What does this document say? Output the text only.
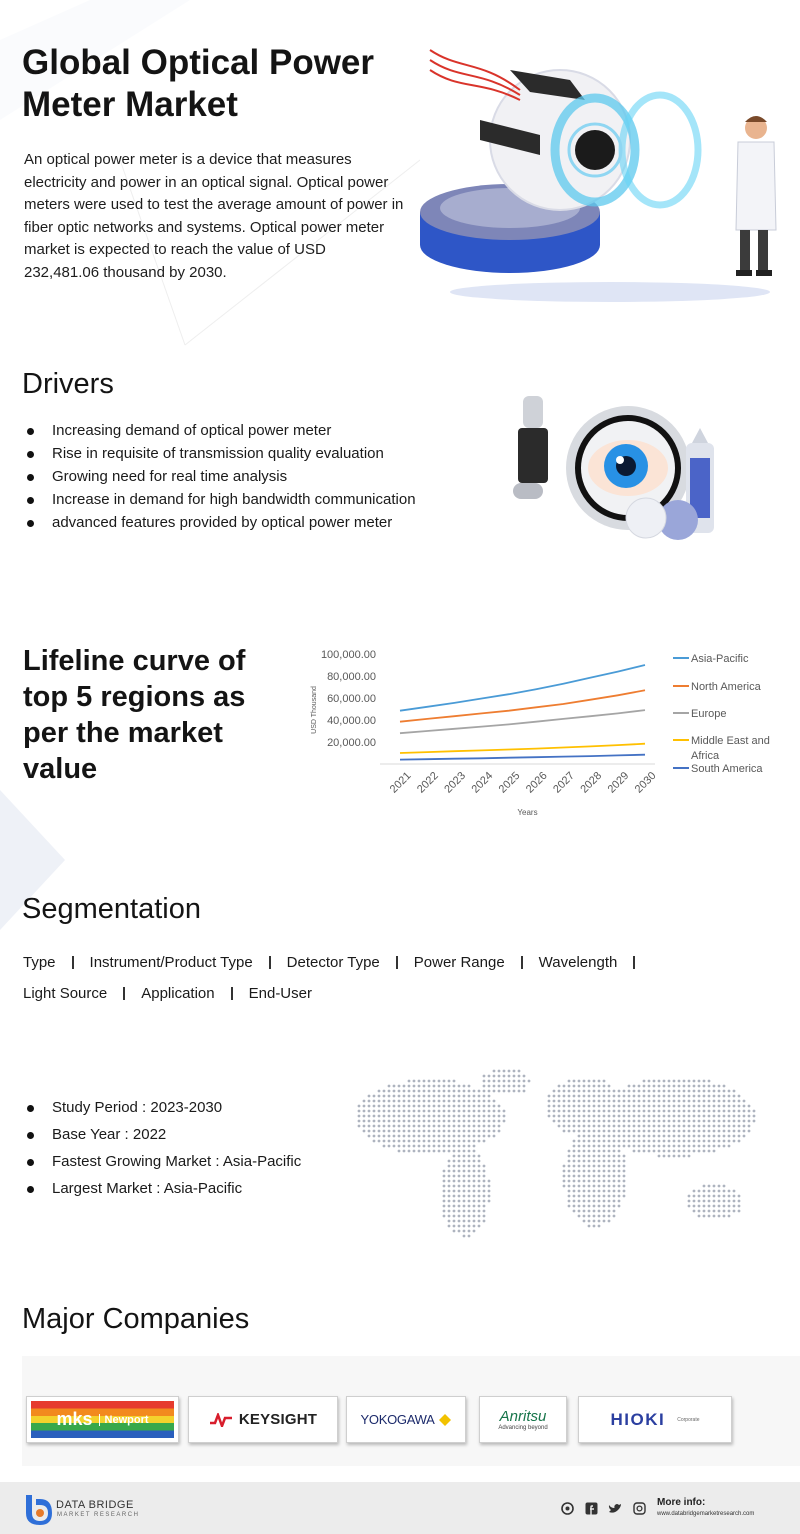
Global Optical Power Meter Market

An optical power meter is a device that measures electricity and power in an optical signal. Optical power meters were used to test the average amount of power in fiber optic networks and systems. Optical power meter market is expected to reach the value of USD 232,481.06 thousand by 2030.

Drivers
Increasing demand of optical power meter
Rise in requisite of transmission quality evaluation
Growing need for real time analysis
Increase in demand for high bandwidth communication
advanced features provided by optical power meter
Lifeline curve of top 5 regions as per the market value
20,000.00
40,000.00
60,000.00
80,000.00
100,000.00
2021 2022 2023 2024 2025 2026 2027 2028 2029 2030
Years
USD Thousand
Asia-Pacific
North America
Europe
Middle East and
Africa
South America
Segmentation
Type Instrument/Product Type Detector Type Power Range Wavelength
Light Source Application End-User
Study Period : 2023-2030
Base Year : 2022
Fastest Growing Market : Asia-Pacific
Largest Market : Asia-Pacific
Major Companies
mks	Newport	KEYSIGHT	YOKOGAWA	Anritsu
Advancing beyond	HIOKI Corporate
DATA BRIDGE
MARKET RESEARCH
More info:
www.databridgemarketresearch.com
